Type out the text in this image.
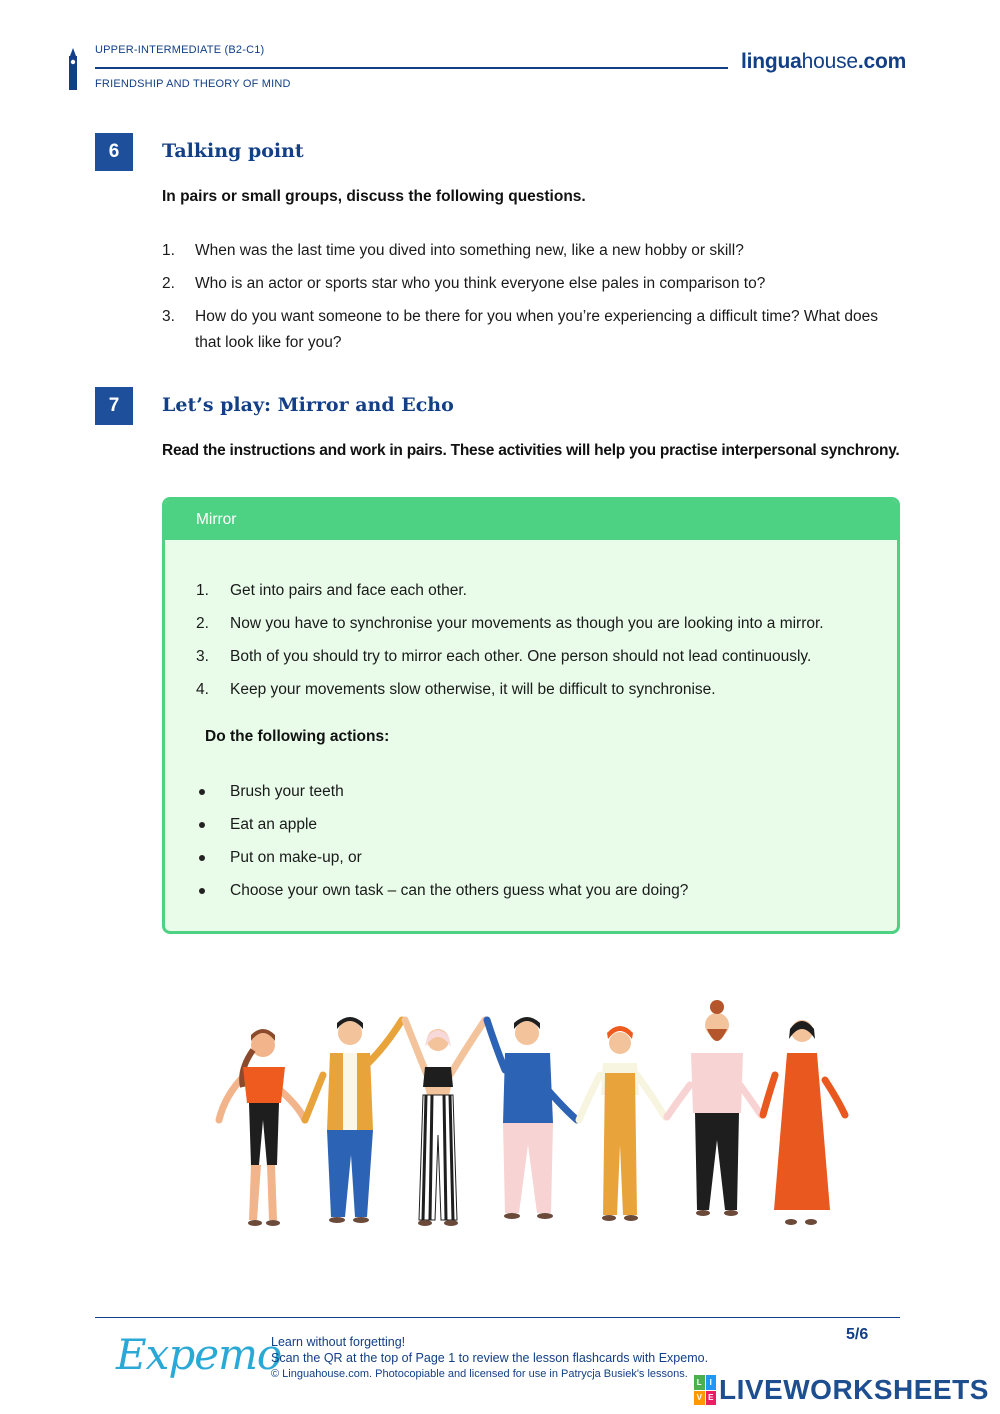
UPPER-INTERMEDIATE (B2-C1)
FRIENDSHIP AND THEORY OF MIND
linguahouse.com
6	Talking point
In pairs or small groups, discuss the following questions.
1. When was the last time you dived into something new, like a new hobby or skill?
2. Who is an actor or sports star who you think everyone else pales in comparison to?
3. How do you want someone to be there for you when you’re experiencing a difficult time? What does that look like for you?
7	Let’s play: Mirror and Echo
Read the instructions and work in pairs. These activities will help you practise interpersonal synchrony.
Mirror
1. Get into pairs and face each other.
2. Now you have to synchronise your movements as though you are looking into a mirror.
3. Both of you should try to mirror each other. One person should not lead continuously.
4. Keep your movements slow otherwise, it will be difficult to synchronise.
Do the following actions:
Brush your teeth
Eat an apple
Put on make-up, or
Choose your own task – can the others guess what you are doing?
Expemo
Learn without forgetting!
Scan the QR at the top of Page 1 to review the lesson flashcards with Expemo.
© Linguahouse.com. Photocopiable and licensed for use in Patrycja Busiek's lessons.
5/6
L I
V E LIVEWORKSHEETS
